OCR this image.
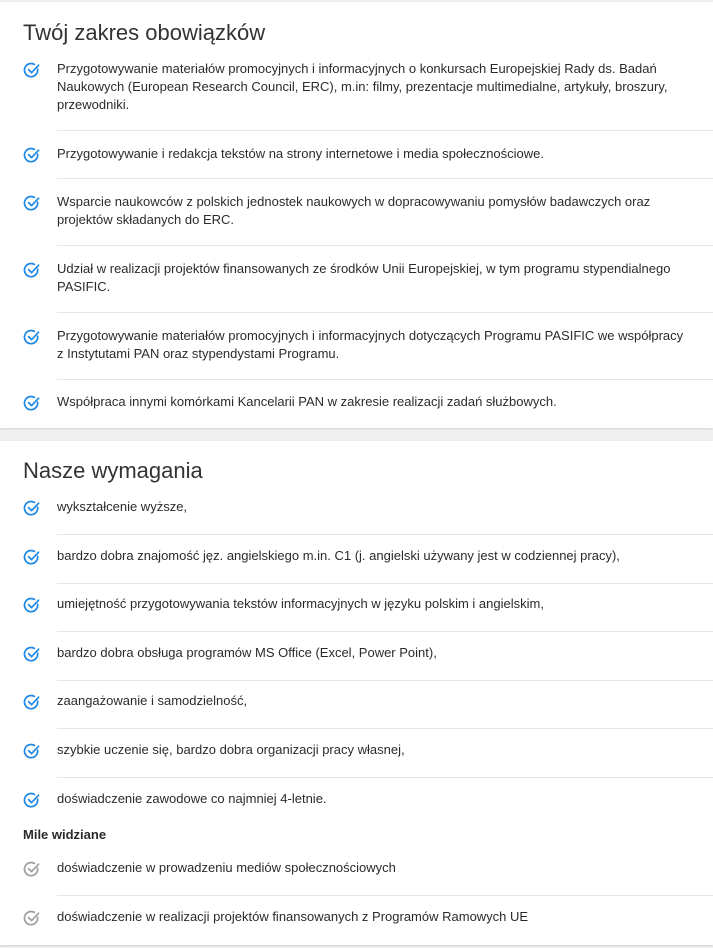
Twój zakres obowiązków
Przygotowywanie materiałów promocyjnych i informacyjnych o konkursach Europejskiej Rady ds. Badań Naukowych (European Research Council, ERC), m.in: filmy, prezentacje multimedialne, artykuły, broszury, przewodniki.
Przygotowywanie i redakcja tekstów na strony internetowe i media społecznościowe.
Wsparcie naukowców z polskich jednostek naukowych w dopracowywaniu pomysłów badawczych oraz projektów składanych do ERC.
Udział w realizacji projektów finansowanych ze środków Unii Europejskiej, w tym programu stypendialnego PASIFIC.
Przygotowywanie materiałów promocyjnych i informacyjnych dotyczących Programu PASIFIC we współpracy z Instytutami PAN oraz stypendystami Programu.
Współpraca innymi komórkami Kancelarii PAN w zakresie realizacji zadań służbowych.
Nasze wymagania
wykształcenie wyższe,
bardzo dobra znajomość jęz. angielskiego m.in. C1 (j. angielski używany jest w codziennej pracy),
umiejętność przygotowywania tekstów informacyjnych w języku polskim i angielskim,
bardzo dobra obsługa programów MS Office (Excel, Power Point),
zaangażowanie i samodzielność,
szybkie uczenie się, bardzo dobra organizacji pracy własnej,
doświadczenie zawodowe co najmniej 4-letnie.
Mile widziane
doświadczenie w prowadzeniu mediów społecznościowych
doświadczenie w realizacji projektów finansowanych z Programów Ramowych UE
